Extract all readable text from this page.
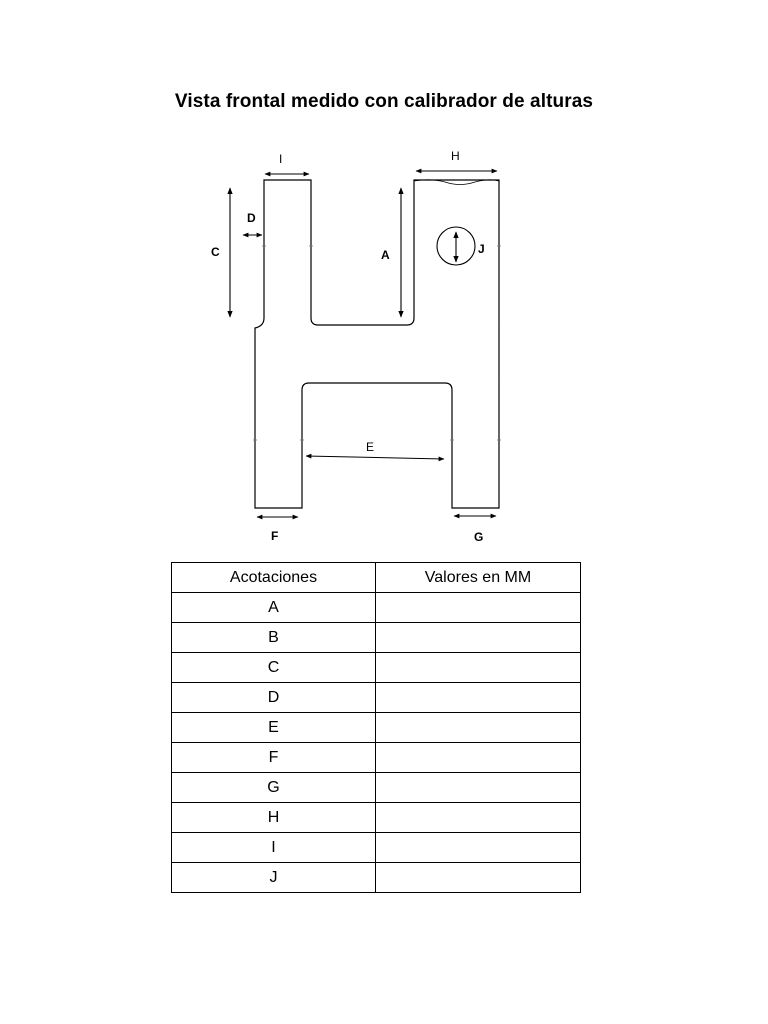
Vista frontal medido con calibrador de alturas
I	H
D
C	A	J
E
F	G
Acotaciones	Valores en MM
A	
B	
C	
D	
E	
F	
G	
H	
I	
J	
